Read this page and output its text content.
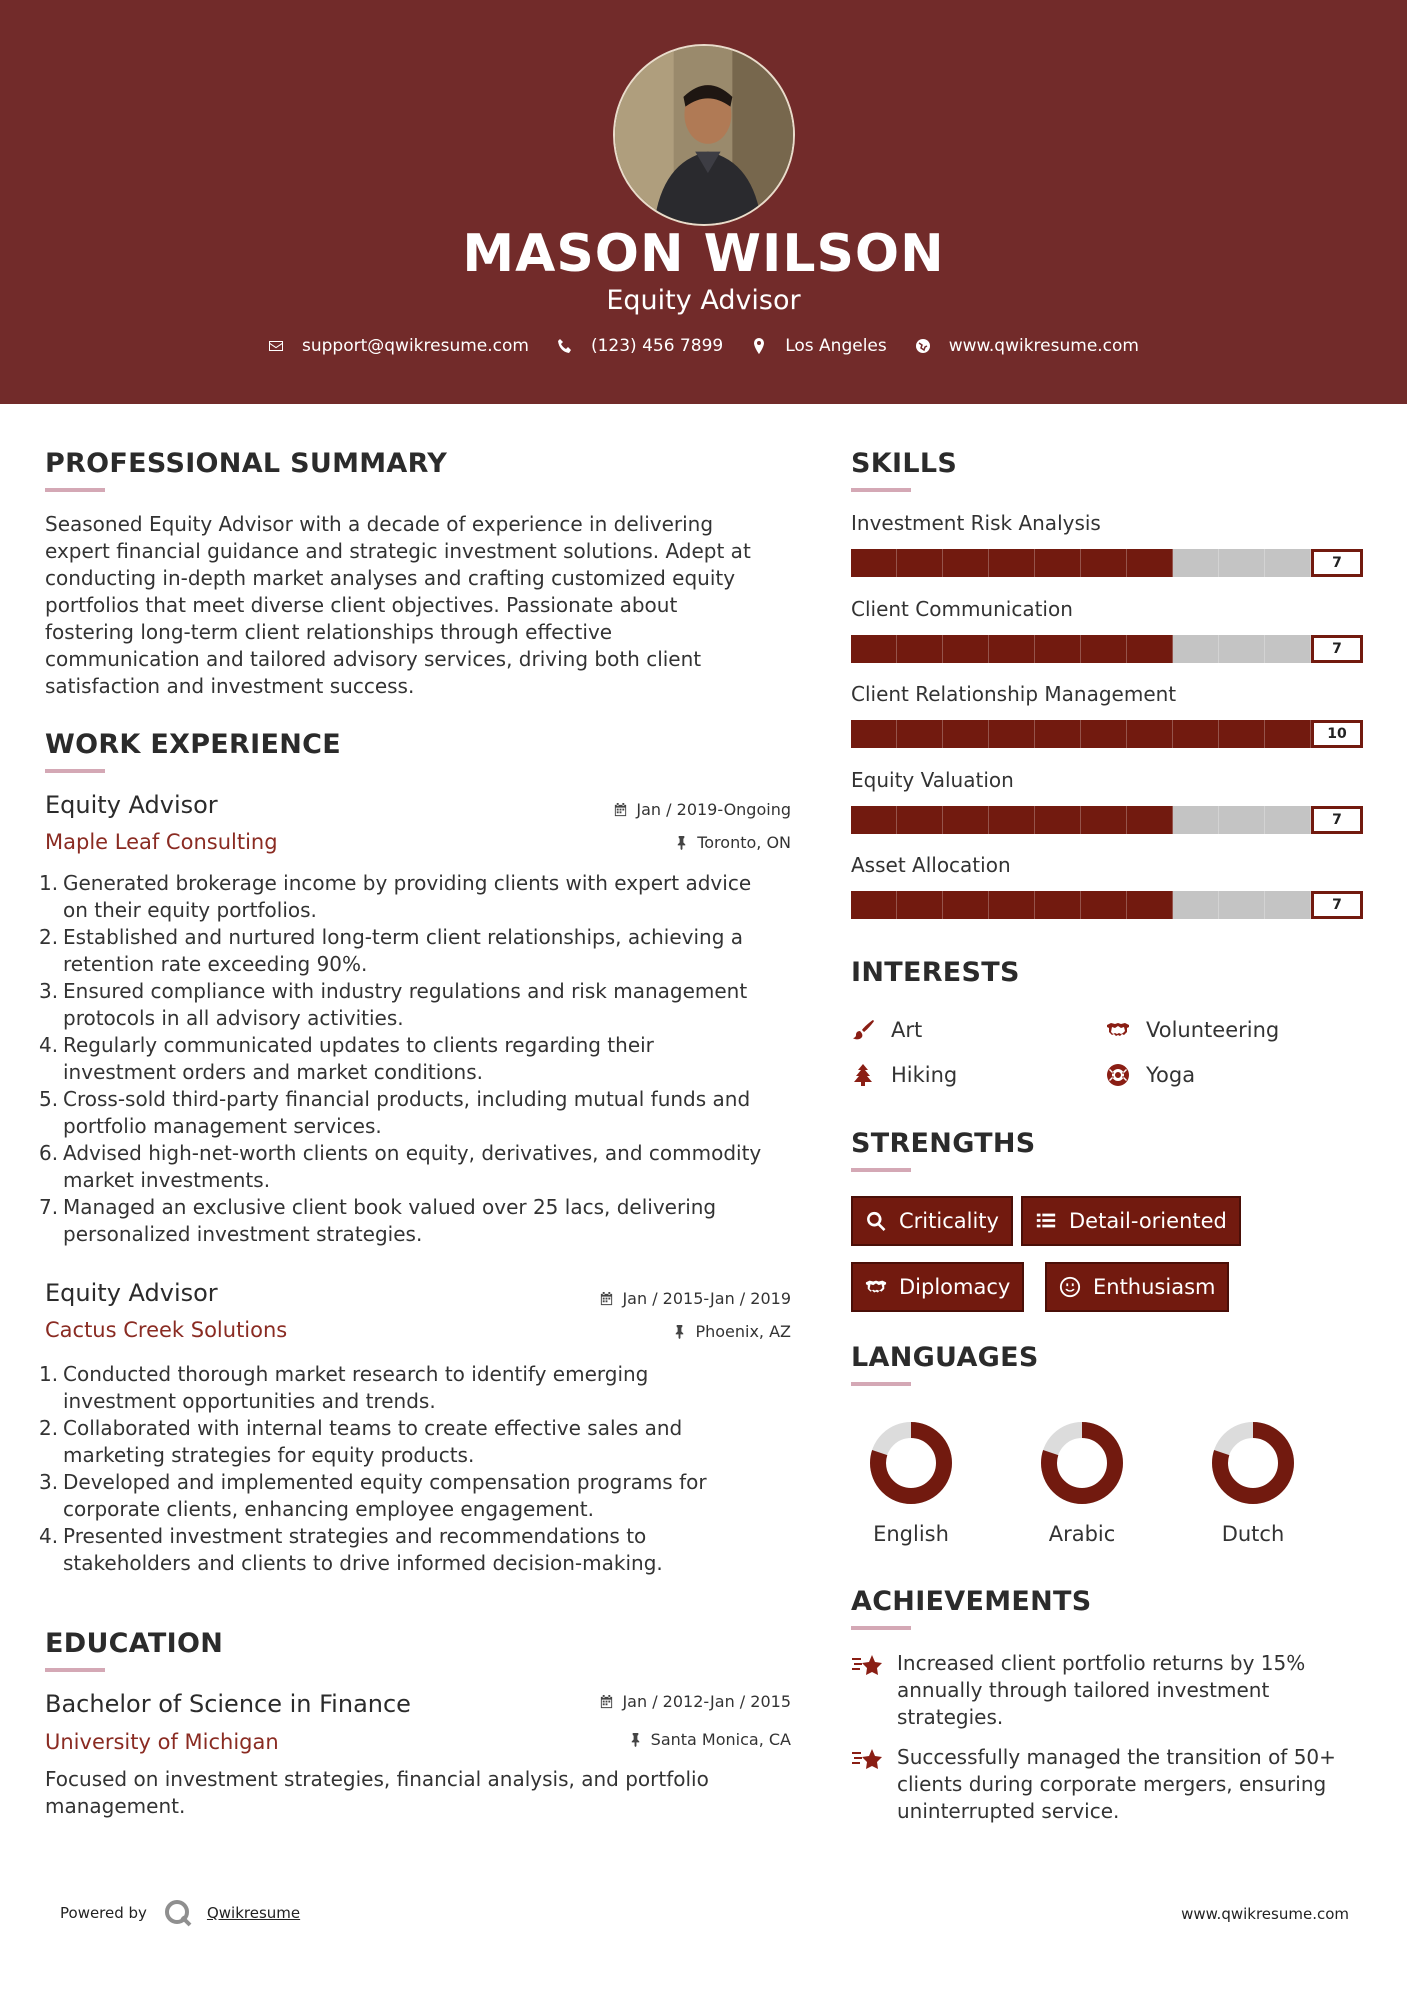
MASON WILSON
Equity Advisor
support@qwikresume.com	(123) 456 7899	Los Angeles	www.qwikresume.com
PROFESSIONAL SUMMARY
Seasoned Equity Advisor with a decade of experience in delivering
expert financial guidance and strategic investment solutions. Adept at
conducting in-depth market analyses and crafting customized equity
portfolios that meet diverse client objectives. Passionate about
fostering long-term client relationships through effective
communication and tailored advisory services, driving both client
satisfaction and investment success.
WORK EXPERIENCE
Equity Advisor
Maple Leaf Consulting
Jan / 2019-Ongoing
Toronto, ON
1. Generated brokerage income by providing clients with expert advice
on their equity portfolios.
2. Established and nurtured long-term client relationships, achieving a
retention rate exceeding 90%.
3. Ensured compliance with industry regulations and risk management
protocols in all advisory activities.
4. Regularly communicated updates to clients regarding their
investment orders and market conditions.
5. Cross-sold third-party financial products, including mutual funds and
portfolio management services.
6. Advised high-net-worth clients on equity, derivatives, and commodity
market investments.
7. Managed an exclusive client book valued over 25 lacs, delivering
personalized investment strategies.
Equity Advisor
Cactus Creek Solutions
Jan / 2015-Jan / 2019
Phoenix, AZ
1. Conducted thorough market research to identify emerging
investment opportunities and trends.
2. Collaborated with internal teams to create effective sales and
marketing strategies for equity products.
3. Developed and implemented equity compensation programs for
corporate clients, enhancing employee engagement.
4. Presented investment strategies and recommendations to
stakeholders and clients to drive informed decision-making.
EDUCATION
Bachelor of Science in Finance
University of Michigan
Jan / 2012-Jan / 2015
Santa Monica, CA
Focused on investment strategies, financial analysis, and portfolio
management.
SKILLS
Investment Risk Analysis
7
Client Communication
7
Client Relationship Management
10
Equity Valuation
7
Asset Allocation
7
INTERESTS
Art	Volunteering
Hiking	Yoga
STRENGTHS
Criticality	Detail-oriented
Diplomacy	Enthusiasm
LANGUAGES
English	Arabic	Dutch
ACHIEVEMENTS
Increased client portfolio returns by 15%
annually through tailored investment
strategies.
Successfully managed the transition of 50+
clients during corporate mergers, ensuring
uninterrupted service.
Powered by	Qwikresume	www.qwikresume.com
